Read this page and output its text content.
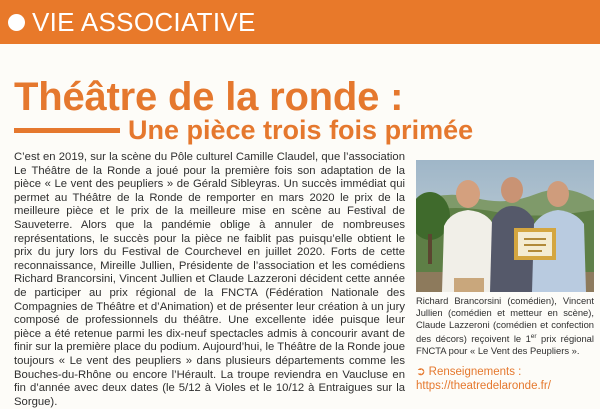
VIE ASSOCIATIVE
Théâtre de la ronde :
Une pièce trois fois primée

C’est en 2019, sur la scène du Pôle culturel Camille Claudel, que l’association Le Théâtre de la Ronde a joué pour la première fois son adaptation de la pièce « Le vent des peupliers » de Gérald Sibleyras. Un succès immédiat qui permet au Théâtre de la Ronde de remporter en mars 2020 le prix de la meilleure pièce et le prix de la meilleure mise en scène au Festival de Sauveterre. Alors que la pandémie oblige à annuler de nombreuses représentations, le succès pour la pièce ne faiblit pas puisqu’elle obtient le prix du jury lors du Festival de Courchevel en juillet 2020. Forts de cette reconnaissance, Mireille Jullien, Présidente de l’association et les comédiens Richard Brancorsini, Vincent Jullien et Claude Lazzeroni décident cette année de participer au prix régional de la FNCTA (Fédération Nationale des Compagnies de Théâtre et d’Animation) et de présenter leur création à un jury composé de professionnels du théâtre. Une excellente idée puisque leur pièce a été retenue parmi les dix-neuf spectacles admis à concourir avant de finir sur la première place du podium. Aujourd’hui, le Théâtre de la Ronde joue toujours « Le vent des peupliers » dans plusieurs départements comme les Bouches-du-Rhône ou encore l’Hérault. La troupe reviendra en Vaucluse en fin d’année avec deux dates (le 5/12 à Violes et le 10/12 à Entraigues sur la Sorgue).

Richard Brancorsini (comédien), Vincent Jullien (comédien et metteur en scène), Claude Lazzeroni (comédien et confection des décors) reçoivent le 1er prix régional FNCTA pour « Le Vent des Peupliers ».

➲ Renseignements :
https://theatredelaronde.fr/
